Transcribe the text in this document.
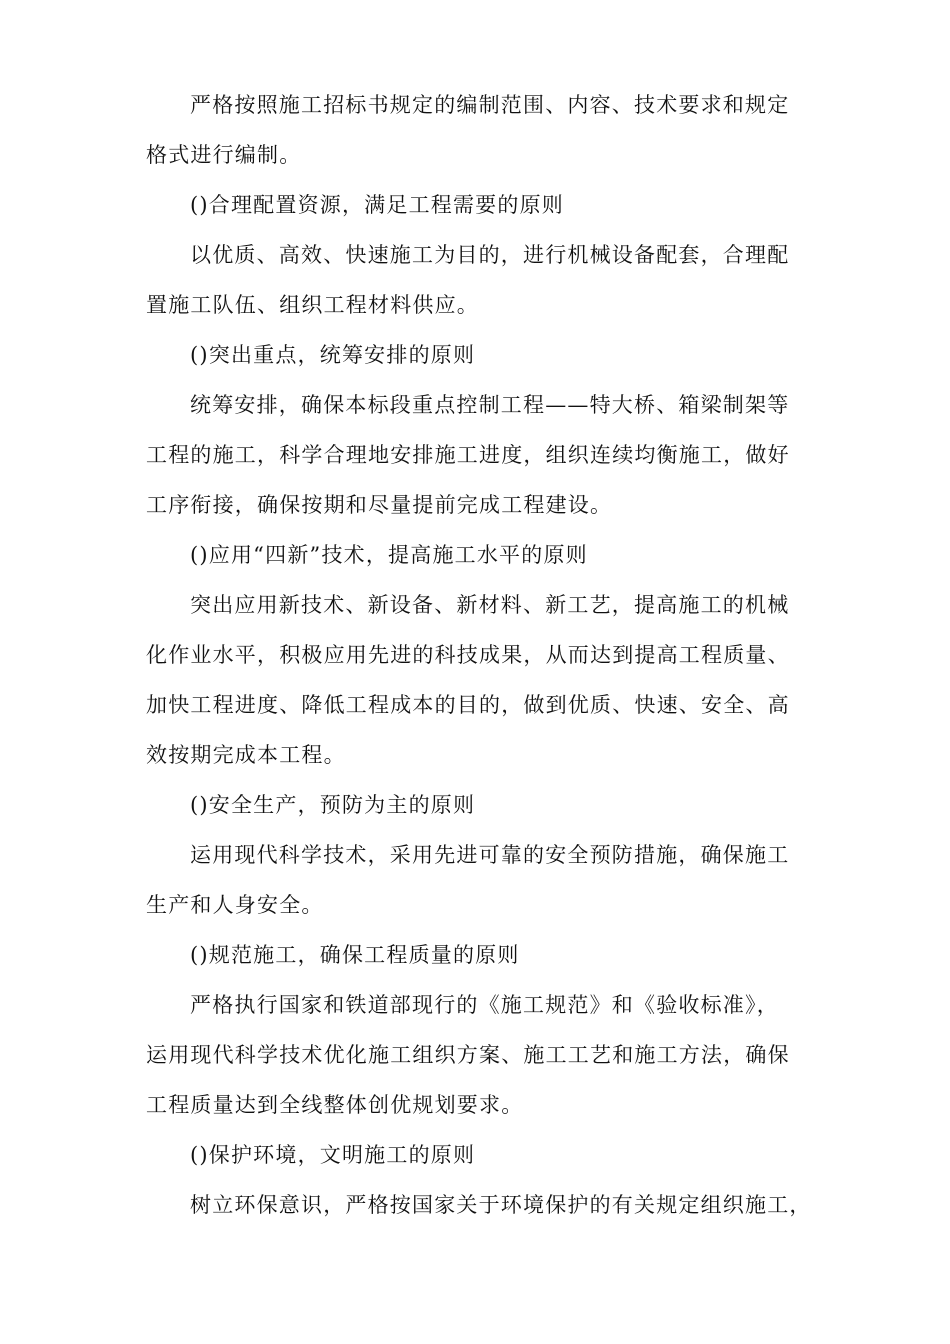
严格按照施工招标书规定的编制范围、内容、技术要求和规定
格式进行编制。
()合理配置资源，满足工程需要的原则
以优质、高效、快速施工为目的，进行机械设备配套，合理配
置施工队伍、组织工程材料供应。
()突出重点，统筹安排的原则
统筹安排，确保本标段重点控制工程——特大桥、箱梁制架等
工程的施工，科学合理地安排施工进度，组织连续均衡施工，做好
工序衔接，确保按期和尽量提前完成工程建设。
()应用“四新”技术，提高施工水平的原则
突出应用新技术、新设备、新材料、新工艺，提高施工的机械
化作业水平，积极应用先进的科技成果，从而达到提高工程质量、
加快工程进度、降低工程成本的目的，做到优质、快速、安全、高
效按期完成本工程。
()安全生产，预防为主的原则
运用现代科学技术，采用先进可靠的安全预防措施，确保施工
生产和人身安全。
()规范施工，确保工程质量的原则
严格执行国家和铁道部现行的《施工规范》和《验收标准》，
运用现代科学技术优化施工组织方案、施工工艺和施工方法，确保
工程质量达到全线整体创优规划要求。
()保护环境，文明施工的原则
树立环保意识，严格按国家关于环境保护的有关规定组织施工，
